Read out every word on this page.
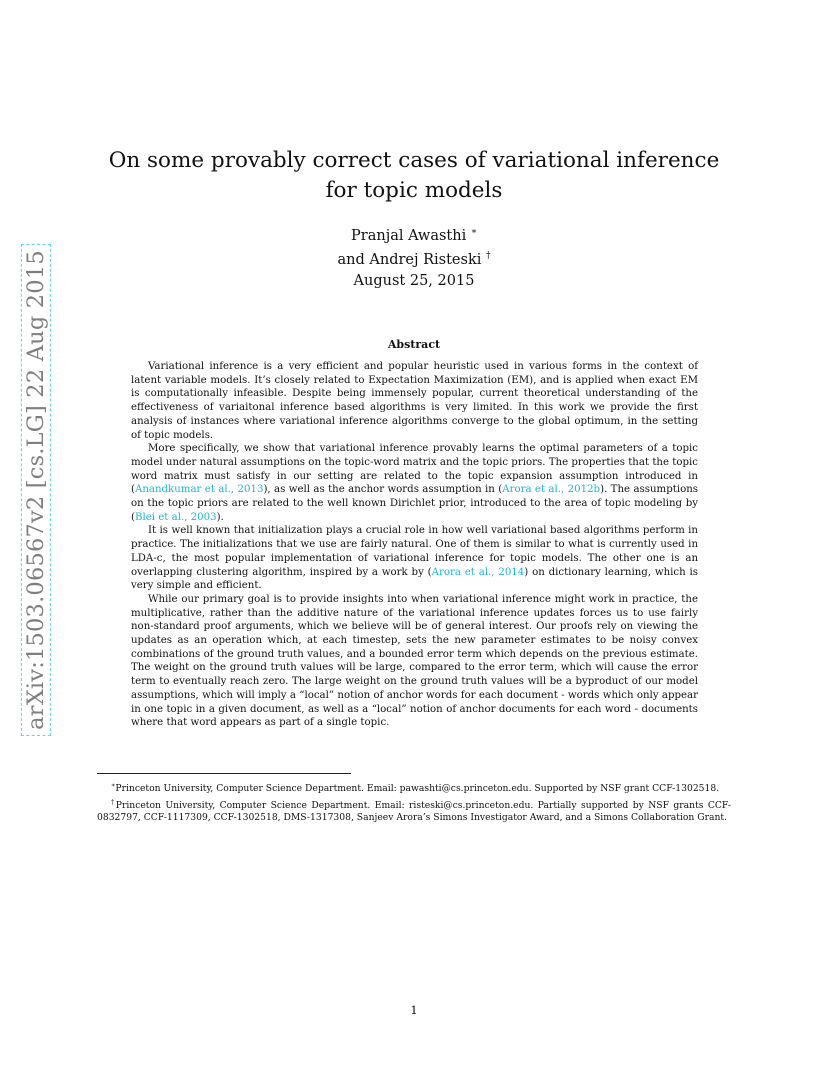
arXiv:1503.06567v2 [cs.LG] 22 Aug 2015
On some provably correct cases of variational inference for topic models
Pranjal Awasthi ∗
and Andrej Risteski †
August 25, 2015
Abstract

Variational inference is a very efficient and popular heuristic used in various forms in the context of latent variable models. It’s closely related to Expectation Maximization (EM), and is applied when exact EM is computationally infeasible. Despite being immensely popular, current theoretical understanding of the effectiveness of variaitonal inference based algorithms is very limited. In this work we provide the first analysis of instances where variational inference algorithms converge to the global optimum, in the setting of topic models.

More specifically, we show that variational inference provably learns the optimal parameters of a topic model under natural assumptions on the topic-word matrix and the topic priors. The properties that the topic word matrix must satisfy in our setting are related to the topic expansion assumption introduced in (Anandkumar et al., 2013), as well as the anchor words assumption in (Arora et al., 2012b). The assumptions on the topic priors are related to the well known Dirichlet prior, introduced to the area of topic modeling by (Blei et al., 2003).

It is well known that initialization plays a crucial role in how well variational based algorithms perform in practice. The initializations that we use are fairly natural. One of them is similar to what is currently used in LDA-c, the most popular implementation of variational inference for topic models. The other one is an overlapping clustering algorithm, inspired by a work by (Arora et al., 2014) on dictionary learning, which is very simple and efficient.

While our primary goal is to provide insights into when variational inference might work in practice, the multiplicative, rather than the additive nature of the variational inference updates forces us to use fairly non-standard proof arguments, which we believe will be of general interest. Our proofs rely on viewing the updates as an operation which, at each timestep, sets the new parameter estimates to be noisy convex combinations of the ground truth values, and a bounded error term which depends on the previous estimate. The weight on the ground truth values will be large, compared to the error term, which will cause the error term to eventually reach zero. The large weight on the ground truth values will be a byproduct of our model assumptions, which will imply a “local” notion of anchor words for each document - words which only appear in one topic in a given document, as well as a “local” notion of anchor documents for each word - documents where that word appears as part of a single topic.

∗Princeton University, Computer Science Department. Email: pawashti@cs.princeton.edu. Supported by NSF grant CCF-1302518.

†Princeton University, Computer Science Department. Email: risteski@cs.princeton.edu. Partially supported by NSF grants CCF-0832797, CCF-1117309, CCF-1302518, DMS-1317308, Sanjeev Arora’s Simons Investigator Award, and a Simons Collaboration Grant.

1
